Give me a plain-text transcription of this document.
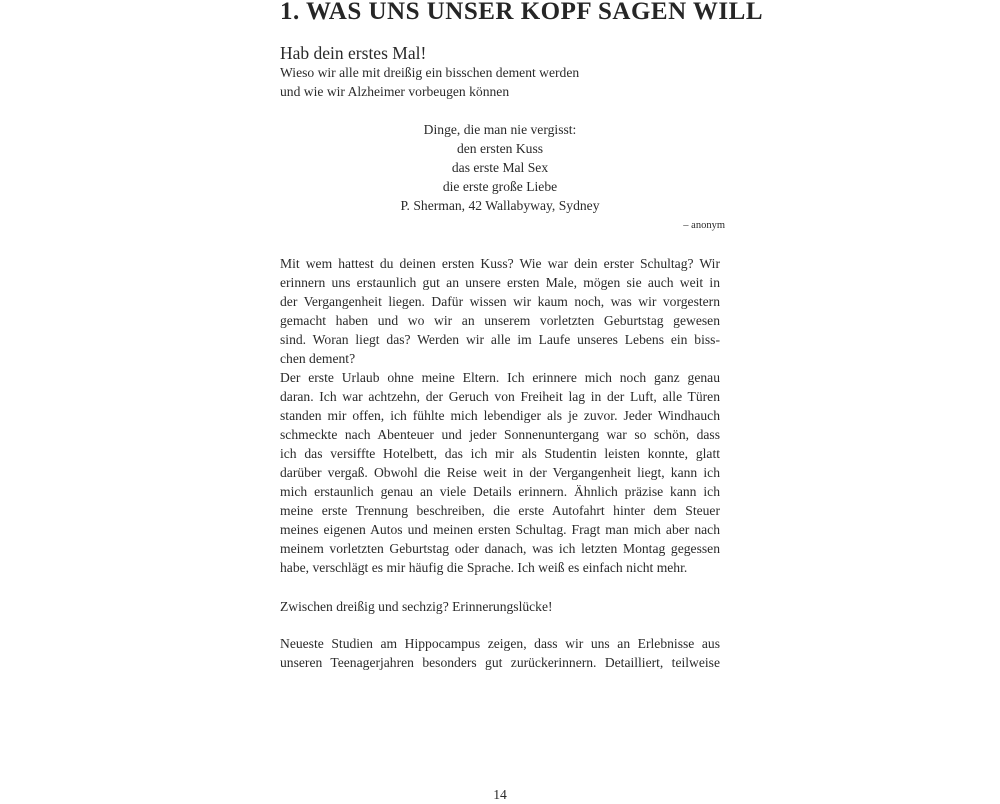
1. WAS UNS UNSER KOPF SAGEN WILL
Hab dein erstes Mal!

Wieso wir alle mit dreißig ein bisschen dement werden
und wie wir Alzheimer vorbeugen können

Dinge, die man nie vergisst:
den ersten Kuss
das erste Mal Sex
die erste große Liebe
P. Sherman, 42 Wallabyway, Sydney
– anonym

Mit wem hattest du deinen ersten Kuss? Wie war dein erster Schultag? Wir
erinnern uns erstaunlich gut an unsere ersten Male, mögen sie auch weit in
der Vergangenheit liegen. Dafür wissen wir kaum noch, was wir vorgestern
gemacht haben und wo wir an unserem vorletzten Geburtstag gewesen
sind. Woran liegt das? Werden wir alle im Laufe unseres Lebens ein biss-
chen dement?
Der erste Urlaub ohne meine Eltern. Ich erinnere mich noch ganz genau
daran. Ich war achtzehn, der Geruch von Freiheit lag in der Luft, alle Türen
standen mir offen, ich fühlte mich lebendiger als je zuvor. Jeder Windhauch
schmeckte nach Abenteuer und jeder Sonnenuntergang war so schön, dass
ich das versiffte Hotelbett, das ich mir als Studentin leisten konnte, glatt
darüber vergaß. Obwohl die Reise weit in der Vergangenheit liegt, kann ich
mich erstaunlich genau an viele Details erinnern. Ähnlich präzise kann ich
meine erste Trennung beschreiben, die erste Autofahrt hinter dem Steuer
meines eigenen Autos und meinen ersten Schultag. Fragt man mich aber nach
meinem vorletzten Geburtstag oder danach, was ich letzten Montag gegessen
habe, verschlägt es mir häufig die Sprache. Ich weiß es einfach nicht mehr.

Zwischen dreißig und sechzig? Erinnerungslücke!

Neueste Studien am Hippocampus zeigen, dass wir uns an Erlebnisse aus
unseren Teenagerjahren besonders gut zurückerinnern. Detailliert, teilweise

14
